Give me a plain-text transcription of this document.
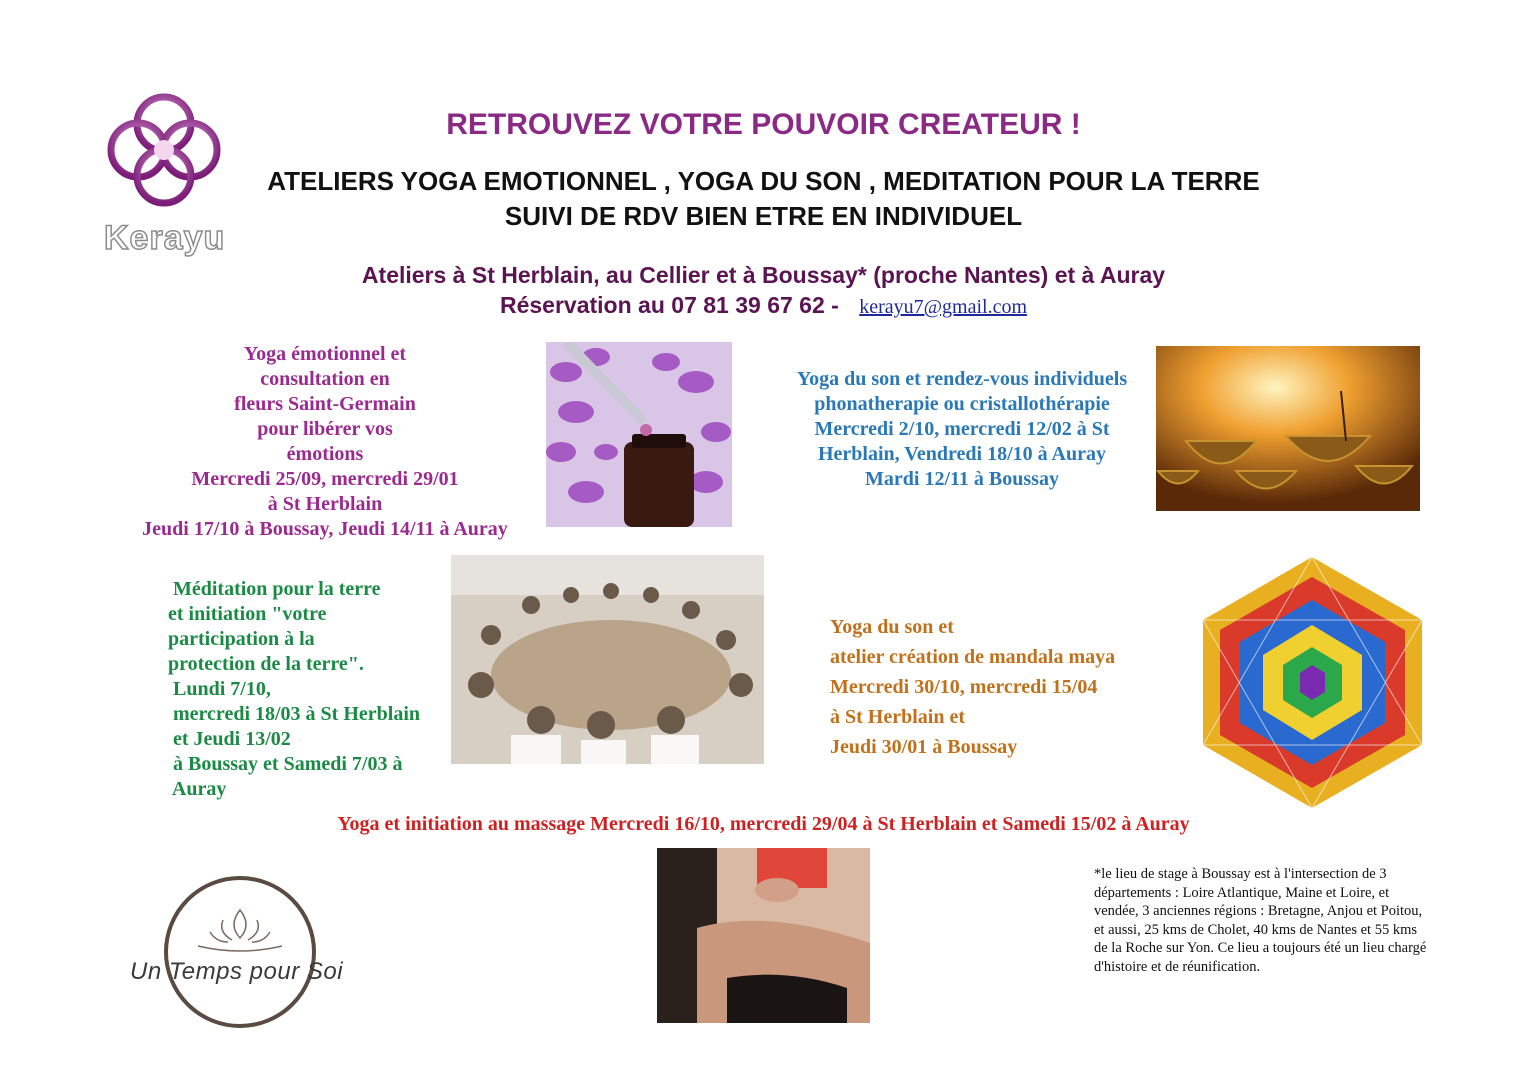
Kerayu
RETROUVEZ VOTRE POUVOIR CREATEUR !
ATELIERS YOGA EMOTIONNEL , YOGA DU SON , MEDITATION POUR LA TERRE
SUIVI DE RDV BIEN ETRE EN INDIVIDUEL
Ateliers à St Herblain, au Cellier et à Boussay* (proche Nantes) et à Auray
Réservation au 07 81 39 67 62 - kerayu7@gmail.com

Yoga émotionnel et

consultation en

fleurs Saint-Germain

pour libérer vos

émotions

Mercredi 25/09, mercredi 29/01

à St Herblain

Jeudi 17/10 à Boussay, Jeudi 14/11 à Auray

Yoga du son et rendez-vous individuels

phonatherapie ou cristallothérapie

Mercredi 2/10, mercredi 12/02 à St

Herblain, Vendredi 18/10 à Auray

Mardi 12/11 à Boussay

Méditation pour la terre

et initiation "votre

participation à la

protection de la terre".

Lundi 7/10,

mercredi 18/03 à St Herblain

et Jeudi 13/02

à Boussay et Samedi 7/03 à

Auray

Yoga du son et

atelier création de mandala maya

Mercredi 30/10, mercredi 15/04

à St Herblain et

Jeudi 30/01 à Boussay

Yoga et initiation au massage Mercredi 16/10, mercredi 29/04 à St Herblain et Samedi 15/02 à Auray
Un Temps pour Soi
*le lieu de stage à Boussay est à l'intersection de 3 départements : Loire Atlantique, Maine et Loire, et vendée, 3 anciennes régions : Bretagne, Anjou et Poitou, et aussi, 25 kms de Cholet, 40 kms de Nantes et 55 kms de la Roche sur Yon. Ce lieu a toujours été un lieu chargé d'histoire et de réunification.
